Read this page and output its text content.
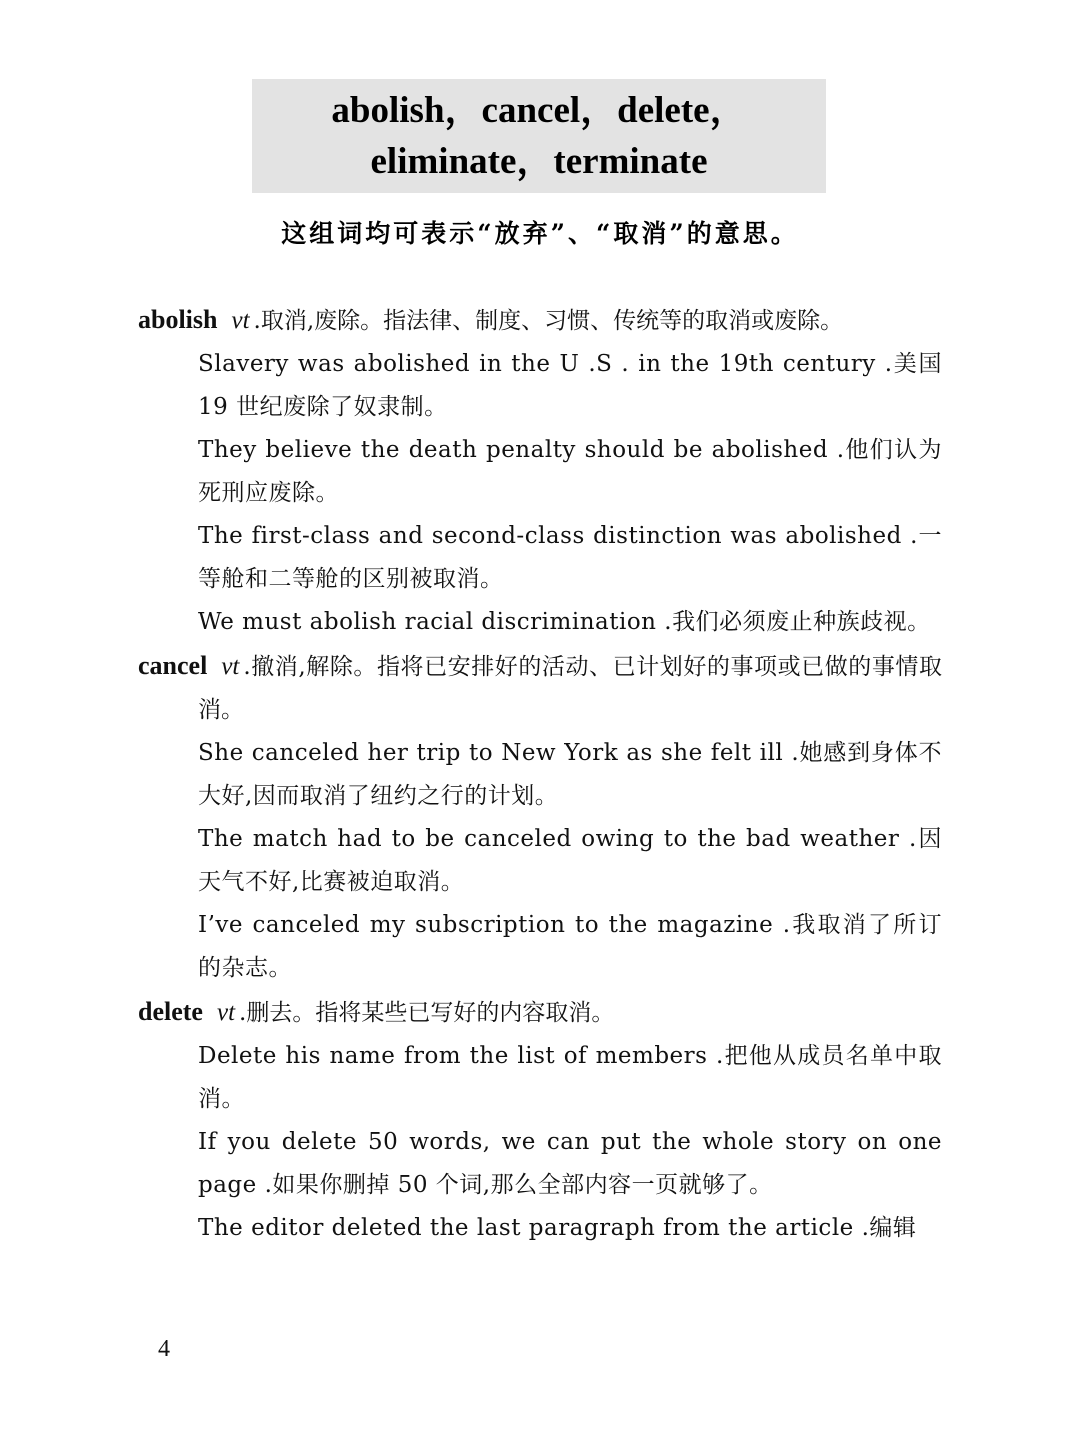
abolish，cancel，delete，
eliminate，terminate
这组词均可表示“放弃”、“取消”的意思。
abolish vt .取消,废除。指法律、制度、习惯、传统等的取消或废除。
Slavery was abolished in the U .S . in the 19th century .美国 19 世纪废除了奴隶制。
They believe the death penalty should be abolished .他们认为死刑应废除。
The first-class and second-class distinction was abolished .一等舱和二等舱的区别被取消。
We must abolish racial discrimination .我们必须废止种族歧视。
cancel vt .撤消,解除。指将已安排好的活动、已计划好的事项或已做的事情取消。
She canceled her trip to New York as she felt ill .她感到身体不大好,因而取消了纽约之行的计划。
The match had to be canceled owing to the bad weather .因天气不好,比赛被迫取消。
I’ve canceled my subscription to the magazine .我取消了所订的杂志。
delete vt .删去。指将某些已写好的内容取消。
Delete his name from the list of members .把他从成员名单中取消。
If you delete 50 words, we can put the whole story on one page .如果你删掉 50 个词,那么全部内容一页就够了。
The editor deleted the last paragraph from the article .编辑
4
